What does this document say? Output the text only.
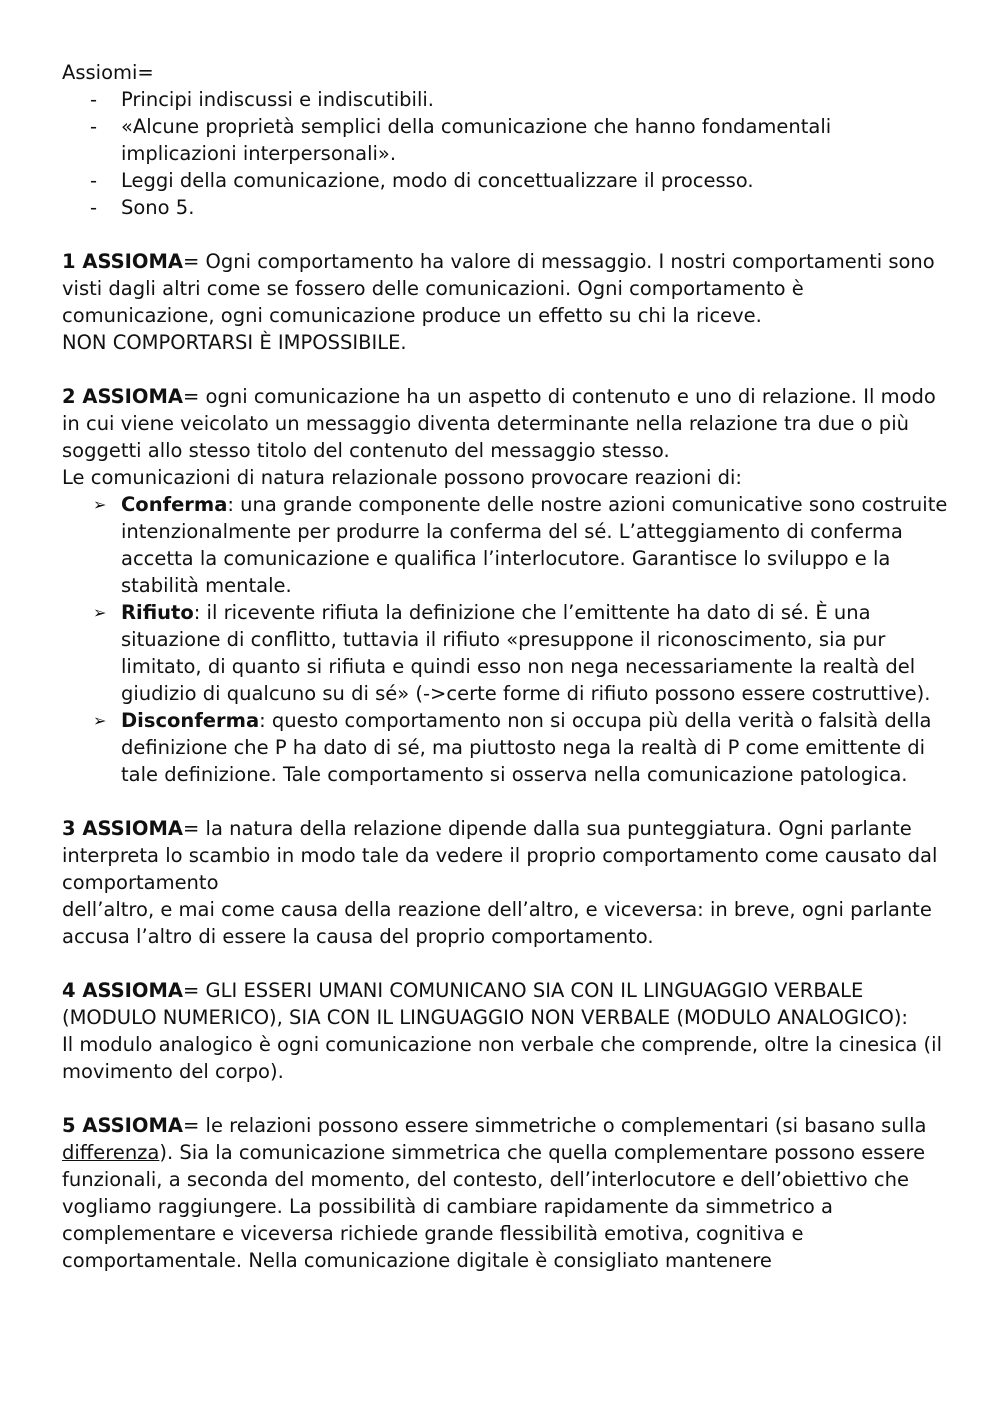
Assiomi=

- Principi indiscussi e indiscutibili.
- «Alcune proprietà semplici della comunicazione che hanno fondamentali implicazioni interpersonali».
- Leggi della comunicazione, modo di concettualizzare il processo.
- Sono 5.

1 ASSIOMA= Ogni comportamento ha valore di messaggio. I nostri comportamenti sono visti dagli altri come se fossero delle comunicazioni. Ogni comportamento è comunicazione, ogni comunicazione produce un effetto su chi la riceve.

NON COMPORTARSI È IMPOSSIBILE.

2 ASSIOMA= ogni comunicazione ha un aspetto di contenuto e uno di relazione. Il modo in cui viene veicolato un messaggio diventa determinante nella relazione tra due o più soggetti allo stesso titolo del contenuto del messaggio stesso.

Le comunicazioni di natura relazionale possono provocare reazioni di:

➢ Conferma: una grande componente delle nostre azioni comunicative sono costruite intenzionalmente per produrre la conferma del sé. L’atteggiamento di conferma accetta la comunicazione e qualifica l’interlocutore. Garantisce lo sviluppo e la stabilità mentale.
➢ Rifiuto: il ricevente rifiuta la definizione che l’emittente ha dato di sé. È una situazione di conflitto, tuttavia il rifiuto «presuppone il riconoscimento, sia pur limitato, di quanto si rifiuta e quindi esso non nega necessariamente la realtà del giudizio di qualcuno su di sé» (->certe forme di rifiuto possono essere costruttive).
➢ Disconferma: questo comportamento non si occupa più della verità o falsità della definizione che P ha dato di sé, ma piuttosto nega la realtà di P come emittente di tale definizione. Tale comportamento si osserva nella comunicazione patologica.

3 ASSIOMA= la natura della relazione dipende dalla sua punteggiatura. Ogni parlante interpreta lo scambio in modo tale da vedere il proprio comportamento come causato dal comportamento

dell’altro, e mai come causa della reazione dell’altro, e viceversa: in breve, ogni parlante accusa l’altro di essere la causa del proprio comportamento.

4 ASSIOMA= GLI ESSERI UMANI COMUNICANO SIA CON IL LINGUAGGIO VERBALE (MODULO NUMERICO), SIA CON IL LINGUAGGIO NON VERBALE (MODULO ANALOGICO):

Il modulo analogico è ogni comunicazione non verbale che comprende, oltre la cinesica (il movimento del corpo).

5 ASSIOMA= le relazioni possono essere simmetriche o complementari (si basano sulla differenza). Sia la comunicazione simmetrica che quella complementare possono essere funzionali, a seconda del momento, del contesto, dell’interlocutore e dell’obiettivo che vogliamo raggiungere. La possibilità di cambiare rapidamente da simmetrico a complementare e viceversa richiede grande flessibilità emotiva, cognitiva e comportamentale. Nella comunicazione digitale è consigliato mantenere
